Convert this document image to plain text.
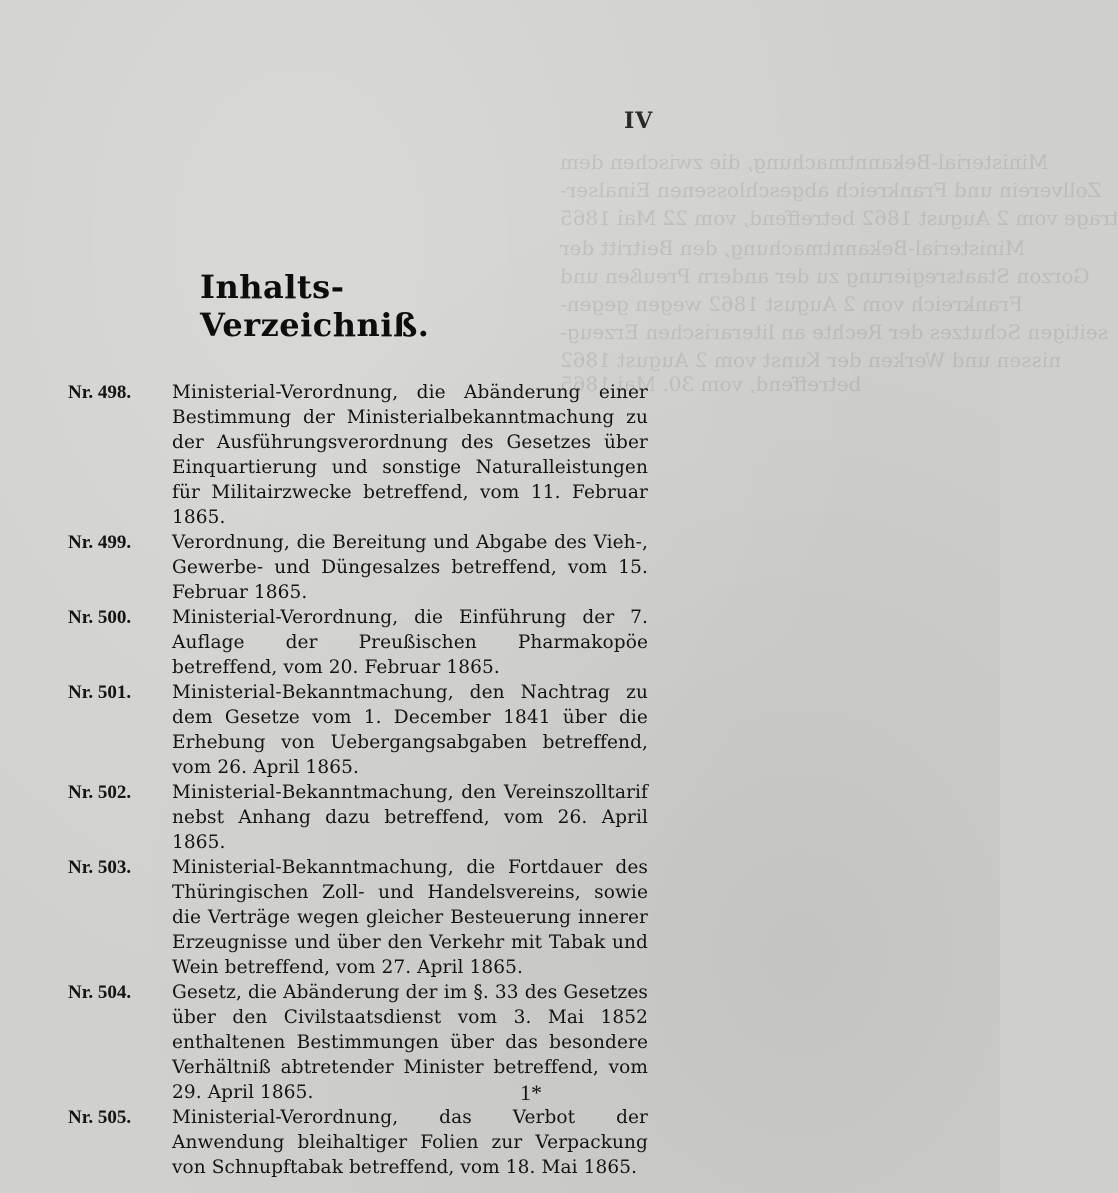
Ministerial-Bekanntmachung, die zwischen dem
Zollverein und Frankreich abgeschlossenen Einalser-
trage vom 2 August 1862 betreffend, vom 22 Mai 1865
Ministerial-Bekanntmachung, den Beitritt der
Gorzon Staatsregierung zu der andern Preußen und
Frankreich vom 2 August 1862 wegen gegen-
seitigen Schutzes der Rechte an literarischen Erzeug-
nissen und Werken der Kunst vom 2 August 1862
betreffend, vom 30. Mai 1865
IV
Inhalts-Verzeichniß.
Nr. 498.	Ministerial-Verordnung, die Abänderung einer Bestimmung der Ministerialbekanntmachung zu der Ausführungsverordnung des Gesetzes über Einquartierung und sonstige Naturalleistungen für Militairzwecke betreffend, vom 11. Februar 1865.
Nr. 499.	Verordnung, die Bereitung und Abgabe des Vieh-, Gewerbe- und Düngesalzes betreffend, vom 15. Februar 1865.
Nr. 500.	Ministerial-Verordnung, die Einführung der 7. Auflage der Preußischen Pharmakopöe betreffend, vom 20. Februar 1865.
Nr. 501.	Ministerial-Bekanntmachung, den Nachtrag zu dem Gesetze vom 1. December 1841 über die Erhebung von Uebergangsabgaben betreffend, vom 26. April 1865.
Nr. 502.	Ministerial-Bekanntmachung, den Vereinszolltarif nebst Anhang dazu betreffend, vom 26. April 1865.
Nr. 503.	Ministerial-Bekanntmachung, die Fortdauer des Thüringischen Zoll- und Handelsvereins, sowie die Verträge wegen gleicher Besteuerung innerer Erzeugnisse und über den Verkehr mit Tabak und Wein betreffend, vom 27. April 1865.
Nr. 504.	Gesetz, die Abänderung der im §. 33 des Gesetzes über den Civilstaatsdienst vom 3. Mai 1852 enthaltenen Bestimmungen über das besondere Verhältniß abtretender Minister betreffend, vom 29. April 1865.
Nr. 505.	Ministerial-Verordnung, das Verbot der Anwendung bleihaltiger Folien zur Verpackung von Schnupftabak betreffend, vom 18. Mai 1865.
1*
